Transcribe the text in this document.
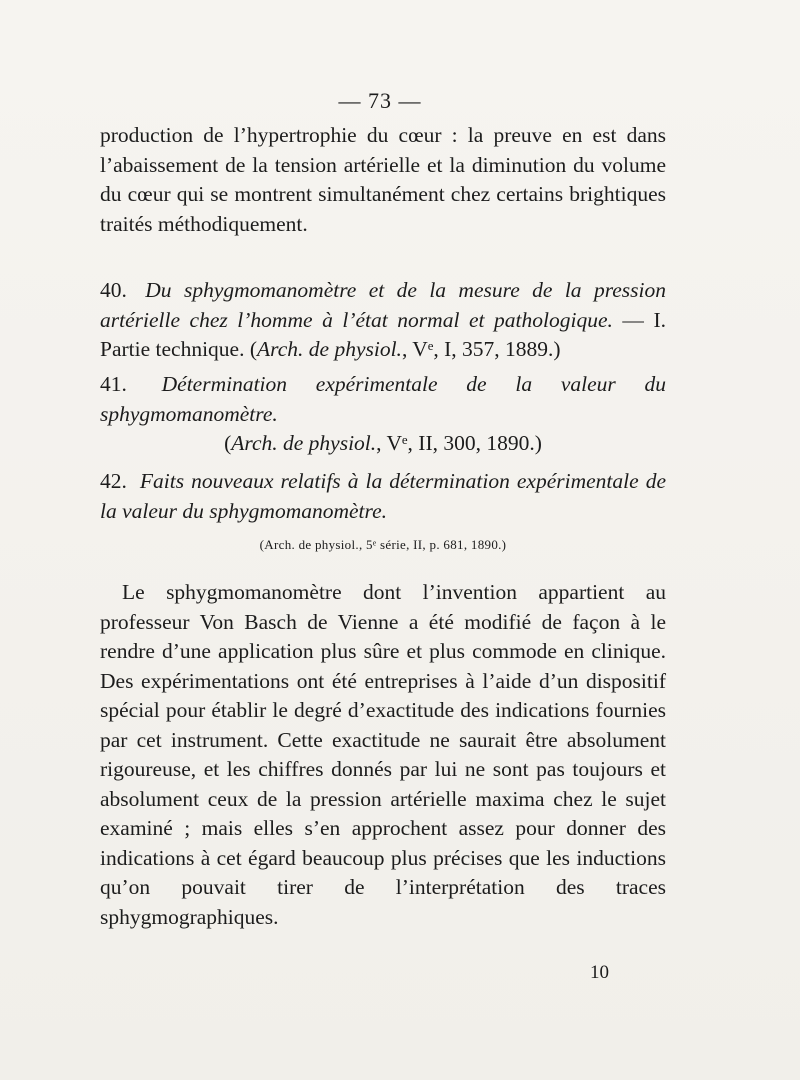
— 73 —

production de l’hypertrophie du cœur : la preuve en est dans l’abaissement de la tension artérielle et la diminution du volume du cœur qui se montrent simultanément chez certains brightiques traités méthodiquement.

40. Du sphygmomanomètre et de la mesure de la pression artérielle chez l’homme à l’état normal et pathologique. — I. Partie technique. (Arch. de physiol., Vᵉ, I, 357, 1889.)

41. Détermination expérimentale de la valeur du sphygmomanomètre.

(Arch. de physiol., Vᵉ, II, 300, 1890.)

42. Faits nouveaux relatifs à la détermination expérimentale de la valeur du sphygmomanomètre.

(Arch. de physiol., 5ᵉ série, II, p. 681, 1890.)

Le sphygmomanomètre dont l’invention appartient au professeur Von Basch de Vienne a été modifié de façon à le rendre d’une application plus sûre et plus commode en clinique. Des expérimentations ont été entreprises à l’aide d’un dispositif spécial pour établir le degré d’exactitude des indications fournies par cet instrument. Cette exactitude ne saurait être absolument rigoureuse, et les chiffres donnés par lui ne sont pas toujours et absolument ceux de la pression artérielle maxima chez le sujet examiné ; mais elles s’en approchent assez pour donner des indications à cet égard beaucoup plus précises que les inductions qu’on pouvait tirer de l’interprétation des traces sphygmographiques.

10
